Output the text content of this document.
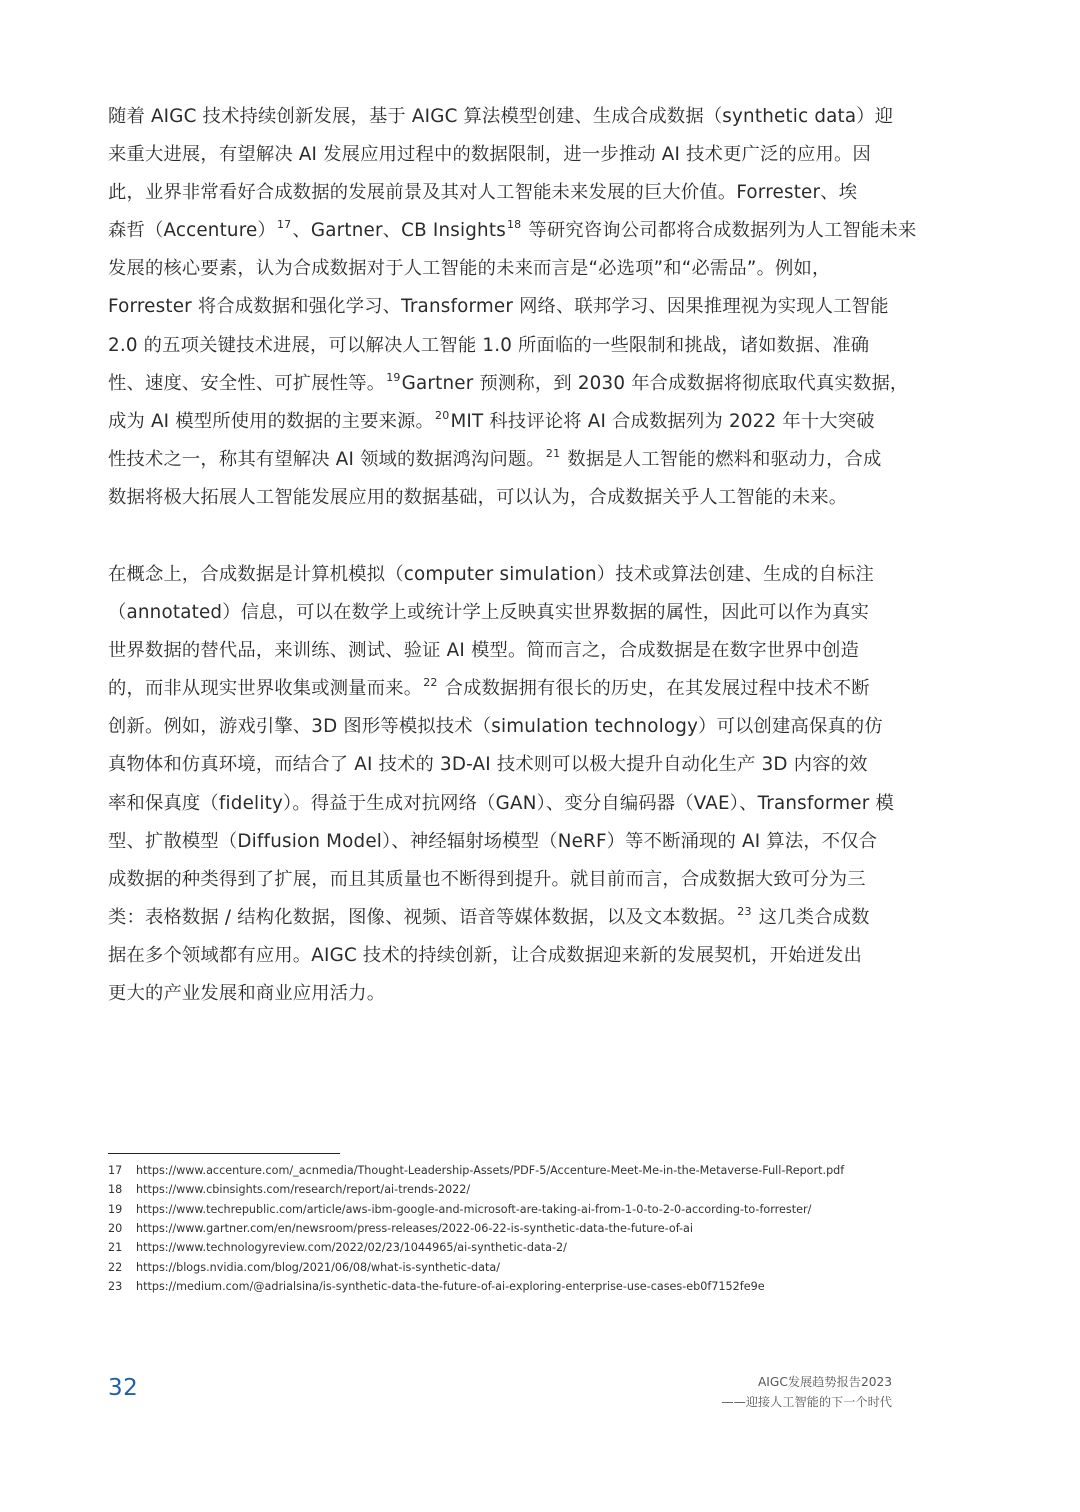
随着 AIGC 技术持续创新发展，基于 AIGC 算法模型创建、生成合成数据（synthetic data）迎
来重大进展，有望解决 AI 发展应用过程中的数据限制，进一步推动 AI 技术更广泛的应用。因
此，业界非常看好合成数据的发展前景及其对人工智能未来发展的巨大价值。Forrester、埃
森哲（Accenture）$^{17}$、Gartner、CB Insights$^{18}$ 等研究咨询公司都将合成数据列为人工智能未来
发展的核心要素，认为合成数据对于人工智能的未来而言是“必选项”和“必需品”。例如，
Forrester 将合成数据和强化学习、Transformer 网络、联邦学习、因果推理视为实现人工智能
2.0 的五项关键技术进展，可以解决人工智能 1.0 所面临的一些限制和挑战，诸如数据、准确
性、速度、安全性、可扩展性等。$^{19}$Gartner 预测称，到 2030 年合成数据将彻底取代真实数据，
成为 AI 模型所使用的数据的主要来源。$^{20}$MIT 科技评论将 AI 合成数据列为 2022 年十大突破
性技术之一，称其有望解决 AI 领域的数据鸿沟问题。$^{21}$ 数据是人工智能的燃料和驱动力，合成
数据将极大拓展人工智能发展应用的数据基础，可以认为，合成数据关乎人工智能的未来。
在概念上，合成数据是计算机模拟（computer simulation）技术或算法创建、生成的自标注
（annotated）信息，可以在数学上或统计学上反映真实世界数据的属性，因此可以作为真实
世界数据的替代品，来训练、测试、验证 AI 模型。简而言之，合成数据是在数字世界中创造
的，而非从现实世界收集或测量而来。$^{22}$ 合成数据拥有很长的历史，在其发展过程中技术不断
创新。例如，游戏引擎、3D 图形等模拟技术（simulation technology）可以创建高保真的仿
真物体和仿真环境，而结合了 AI 技术的 3D-AI 技术则可以极大提升自动化生产 3D 内容的效
率和保真度（fidelity）。得益于生成对抗网络（GAN）、变分自编码器（VAE）、Transformer 模
型、扩散模型（Diffusion Model）、神经辐射场模型（NeRF）等不断涌现的 AI 算法，不仅合
成数据的种类得到了扩展，而且其质量也不断得到提升。就目前而言，合成数据大致可分为三
类：表格数据 / 结构化数据，图像、视频、语音等媒体数据，以及文本数据。$^{23}$ 这几类合成数
据在多个领域都有应用。AIGC 技术的持续创新，让合成数据迎来新的发展契机，开始迸发出
更大的产业发展和商业应用活力。
17	https://www.accenture.com/_acnmedia/Thought-Leadership-Assets/PDF-5/Accenture-Meet-Me-in-the-Metaverse-Full-Report.pdf
18	https://www.cbinsights.com/research/report/ai-trends-2022/
19	https://www.techrepublic.com/article/aws-ibm-google-and-microsoft-are-taking-ai-from-1-0-to-2-0-according-to-forrester/
20	https://www.gartner.com/en/newsroom/press-releases/2022-06-22-is-synthetic-data-the-future-of-ai
21	https://www.technologyreview.com/2022/02/23/1044965/ai-synthetic-data-2/
22	https://blogs.nvidia.com/blog/2021/06/08/what-is-synthetic-data/
23	https://medium.com/@adrialsina/is-synthetic-data-the-future-of-ai-exploring-enterprise-use-cases-eb0f7152fe9e
32	AIGC发展趋势报告2023
——迎接人工智能的下一个时代
